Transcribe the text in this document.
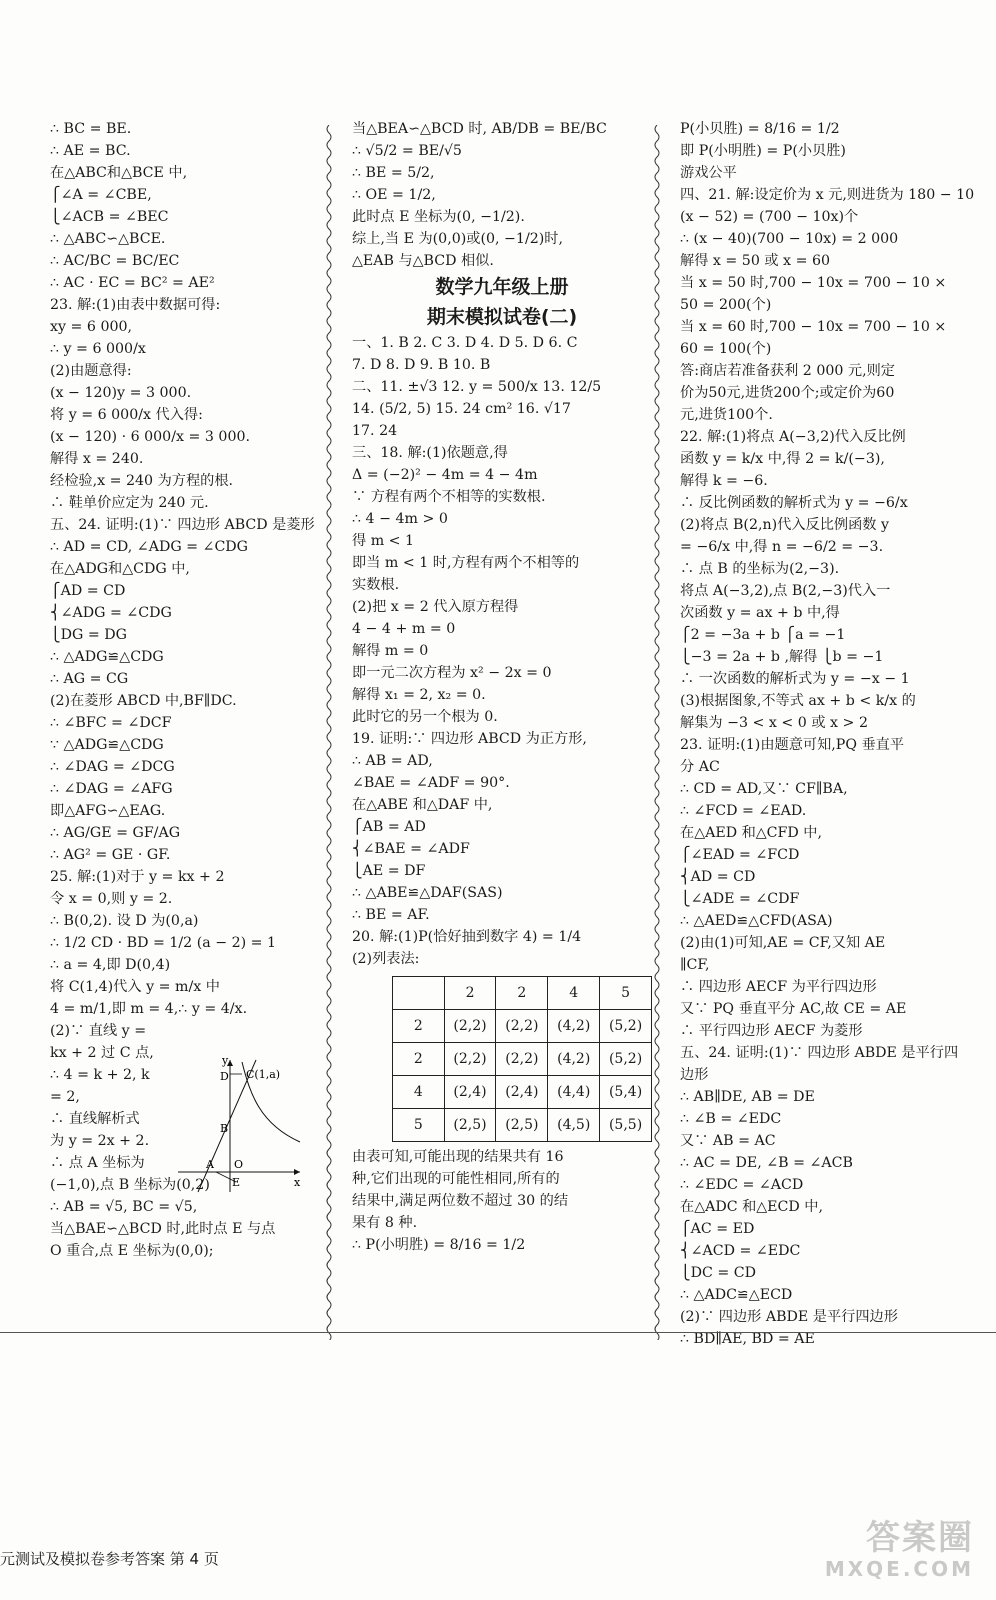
∴ BC = BE.
∴ AE = BC.
在△ABC和△BCE 中,
⎧∠A = ∠CBE,
⎩∠ACB = ∠BEC
∴ △ABC∽△BCE.
∴ AC/BC = BC/EC
∴ AC · EC = BC² = AE²
23. 解:(1)由表中数据可得:
xy = 6 000,
∴ y = 6 000/x
(2)由题意得:
(x − 120)y = 3 000.
将 y = 6 000/x 代入得:
(x − 120) · 6 000/x = 3 000.
解得 x = 240.
经检验,x = 240 为方程的根.
∴ 鞋单价应定为 240 元.
五、24. 证明:(1)∵ 四边形 ABCD 是菱形
∴ AD = CD, ∠ADG = ∠CDG
在△ADG和△CDG 中,
⎧AD = CD
⎨∠ADG = ∠CDG
⎩DG = DG
∴ △ADG≌△CDG
∴ AG = CG
(2)在菱形 ABCD 中,BF∥DC.
∴ ∠BFC = ∠DCF
∵ △ADG≌△CDG
∴ ∠DAG = ∠DCG
∴ ∠DAG = ∠AFG
即△AFG∽△EAG.
∴ AG/GE = GF/AG
∴ AG² = GE · GF.
25. 解:(1)对于 y = kx + 2
令 x = 0,则 y = 2.
∴ B(0,2). 设 D 为(0,a)
∴ 1/2 CD · BD = 1/2 (a − 2) = 1
∴ a = 4,即 D(0,4)
将 C(1,4)代入 y = m/x 中
4 = m/1,即 m = 4,∴ y = 4/x.
(2)∵ 直线 y =
kx + 2 过 C 点,
∴ 4 = k + 2, k
= 2,
∴ 直线解析式
为 y = 2x + 2.
∴ 点 A 坐标为
(−1,0),点 B 坐标为(0,2)
∴ AB = √5, BC = √5,
当△BAE∽△BCD 时,此时点 E 与点
O 重合,点 E 坐标为(0,0);
当△BEA∽△BCD 时, AB/DB = BE/BC
∴ √5/2 = BE/√5
∴ BE = 5/2,
∴ OE = 1/2,
此时点 E 坐标为(0, −1/2).
综上,当 E 为(0,0)或(0, −1/2)时,
△EAB 与△BCD 相似.
数学九年级上册
期末模拟试卷(二)
一、1. B 2. C 3. D 4. D 5. D 6. C
7. D 8. D 9. B 10. B
二、11. ±√3 12. y = 500/x 13. 12/5
14. (5/2, 5) 15. 24 cm² 16. √17
17. 24
三、18. 解:(1)依题意,得
Δ = (−2)² − 4m = 4 − 4m
∵ 方程有两个不相等的实数根.
∴ 4 − 4m > 0
得 m < 1
即当 m < 1 时,方程有两个不相等的
实数根.
(2)把 x = 2 代入原方程得
4 − 4 + m = 0
解得 m = 0
即一元二次方程为 x² − 2x = 0
解得 x₁ = 2, x₂ = 0.
此时它的另一个根为 0.
19. 证明:∵ 四边形 ABCD 为正方形,
∴ AB = AD,
∠BAE = ∠ADF = 90°.
在△ABE 和△DAF 中,
⎧AB = AD
⎨∠BAE = ∠ADF
⎩AE = DF
∴ △ABE≌△DAF(SAS)
∴ BE = AF.
20. 解:(1)P(恰好抽到数字 4) = 1/4
(2)列表法:
	2	2	4	5
2	(2,2)	(2,2)	(4,2)	(5,2)
2	(2,2)	(2,2)	(4,2)	(5,2)
4	(2,4)	(2,4)	(4,4)	(5,4)
5	(2,5)	(2,5)	(4,5)	(5,5)
由表可知,可能出现的结果共有 16
种,它们出现的可能性相同,所有的
结果中,满足两位数不超过 30 的结
果有 8 种.
∴ P(小明胜) = 8/16 = 1/2
P(小贝胜) = 8/16 = 1/2
即 P(小明胜) = P(小贝胜)
游戏公平
四、21. 解:设定价为 x 元,则进货为 180 − 10
(x − 52) = (700 − 10x)个
∴ (x − 40)(700 − 10x) = 2 000
解得 x = 50 或 x = 60
当 x = 50 时,700 − 10x = 700 − 10 ×
50 = 200(个)
当 x = 60 时,700 − 10x = 700 − 10 ×
60 = 100(个)
答:商店若准备获利 2 000 元,则定
价为50元,进货200个;或定价为60
元,进货100个.
22. 解:(1)将点 A(−3,2)代入反比例
函数 y = k/x 中,得 2 = k/(−3),
解得 k = −6.
∴ 反比例函数的解析式为 y = −6/x
(2)将点 B(2,n)代入反比例函数 y
= −6/x 中,得 n = −6/2 = −3.
∴ 点 B 的坐标为(2,−3).
将点 A(−3,2),点 B(2,−3)代入一
次函数 y = ax + b 中,得
⎧2 = −3a + b ⎧a = −1
⎩−3 = 2a + b ,解得 ⎩b = −1
∴ 一次函数的解析式为 y = −x − 1
(3)根据图象,不等式 ax + b < k/x 的
解集为 −3 < x < 0 或 x > 2
23. 证明:(1)由题意可知,PQ 垂直平
分 AC
∴ CD = AD,又∵ CF∥BA,
∴ ∠FCD = ∠EAD.
在△AED 和△CFD 中,
⎧∠EAD = ∠FCD
⎨AD = CD
⎩∠ADE = ∠CDF
∴ △AED≌△CFD(ASA)
(2)由(1)可知,AE = CF,又知 AE
∥CF,
∴ 四边形 AECF 为平行四边形
又∵ PQ 垂直平分 AC,故 CE = AE
∴ 平行四边形 AECF 为菱形
五、24. 证明:(1)∵ 四边形 ABDE 是平行四
边形
∴ AB∥DE, AB = DE
∴ ∠B = ∠EDC
又∵ AB = AC
∴ AC = DE, ∠B = ∠ACB
∴ ∠EDC = ∠ACD
在△ADC 和△ECD 中,
⎧AC = ED
⎨∠ACD = ∠EDC
⎩DC = CD
∴ △ADC≌△ECD
(2)∵ 四边形 ABDE 是平行四边形
∴ BD∥AE, BD = AE
y
x
D C(1,a)
B
A O
E
元测试及模拟卷参考答案 第 4 页
答案圈
MXQE.COM
